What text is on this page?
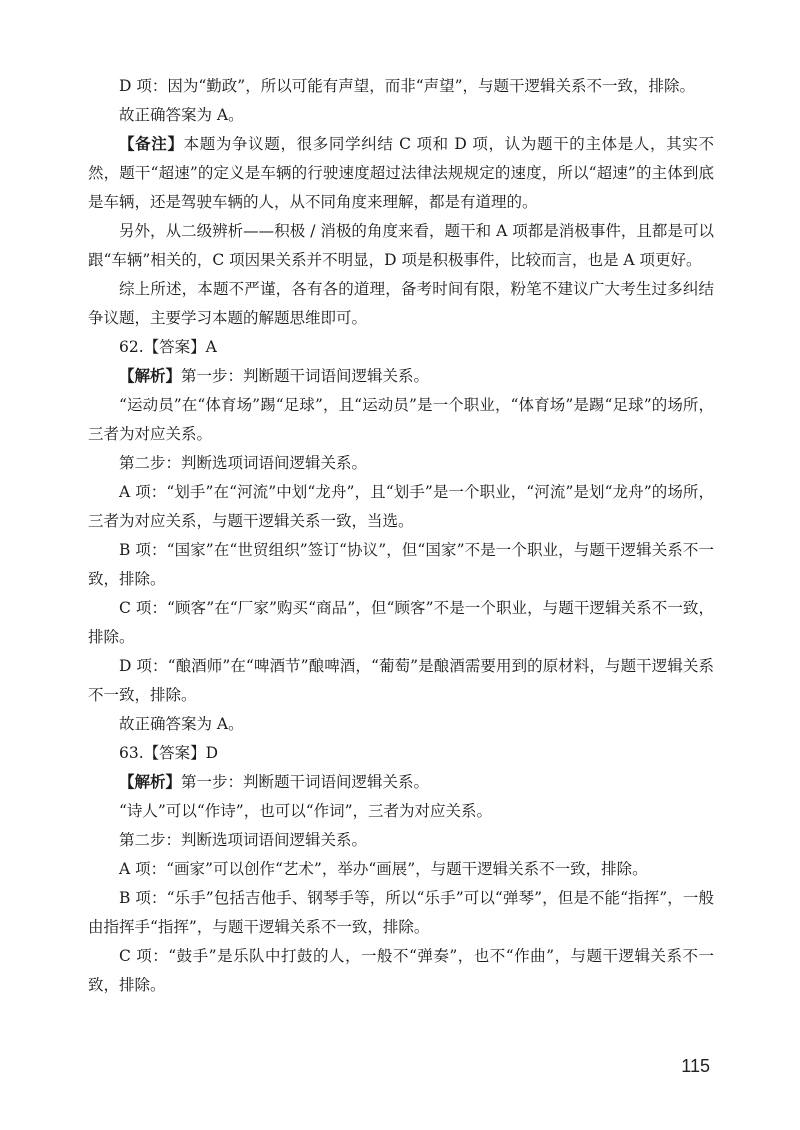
D 项：因为“勤政”，所以可能有声望，而非“声望”，与题干逻辑关系不一致，排除。

故正确答案为 A。

【备注】本题为争议题，很多同学纠结 C 项和 D 项，认为题干的主体是人，其实不然，题干“超速”的定义是车辆的行驶速度超过法律法规规定的速度，所以“超速”的主体到底是车辆，还是驾驶车辆的人，从不同角度来理解，都是有道理的。

另外，从二级辨析——积极 / 消极的角度来看，题干和 A 项都是消极事件，且都是可以跟“车辆”相关的，C 项因果关系并不明显，D 项是积极事件，比较而言，也是 A 项更好。

综上所述，本题不严谨，各有各的道理，备考时间有限，粉笔不建议广大考生过多纠结争议题，主要学习本题的解题思维即可。

62.【答案】A

【解析】第一步：判断题干词语间逻辑关系。

“运动员”在“体育场”踢“足球”，且“运动员”是一个职业，“体育场”是踢“足球”的场所，三者为对应关系。

第二步：判断选项词语间逻辑关系。

A 项：“划手”在“河流”中划“龙舟”，且“划手”是一个职业，“河流”是划“龙舟”的场所，三者为对应关系，与题干逻辑关系一致，当选。

B 项：“国家”在“世贸组织”签订“协议”，但“国家”不是一个职业，与题干逻辑关系不一致，排除。

C 项：“顾客”在“厂家”购买“商品”，但“顾客”不是一个职业，与题干逻辑关系不一致，排除。

D 项：“酿酒师”在“啤酒节”酿啤酒，“葡萄”是酿酒需要用到的原材料，与题干逻辑关系不一致，排除。

故正确答案为 A。

63.【答案】D

【解析】第一步：判断题干词语间逻辑关系。

“诗人”可以“作诗”，也可以“作词”，三者为对应关系。

第二步：判断选项词语间逻辑关系。

A 项：“画家”可以创作“艺术”，举办“画展”，与题干逻辑关系不一致，排除。

B 项：“乐手”包括吉他手、钢琴手等，所以“乐手”可以“弹琴”，但是不能“指挥”，一般由指挥手“指挥”，与题干逻辑关系不一致，排除。

C 项：“鼓手”是乐队中打鼓的人，一般不“弹奏”，也不“作曲”，与题干逻辑关系不一致，排除。

115
